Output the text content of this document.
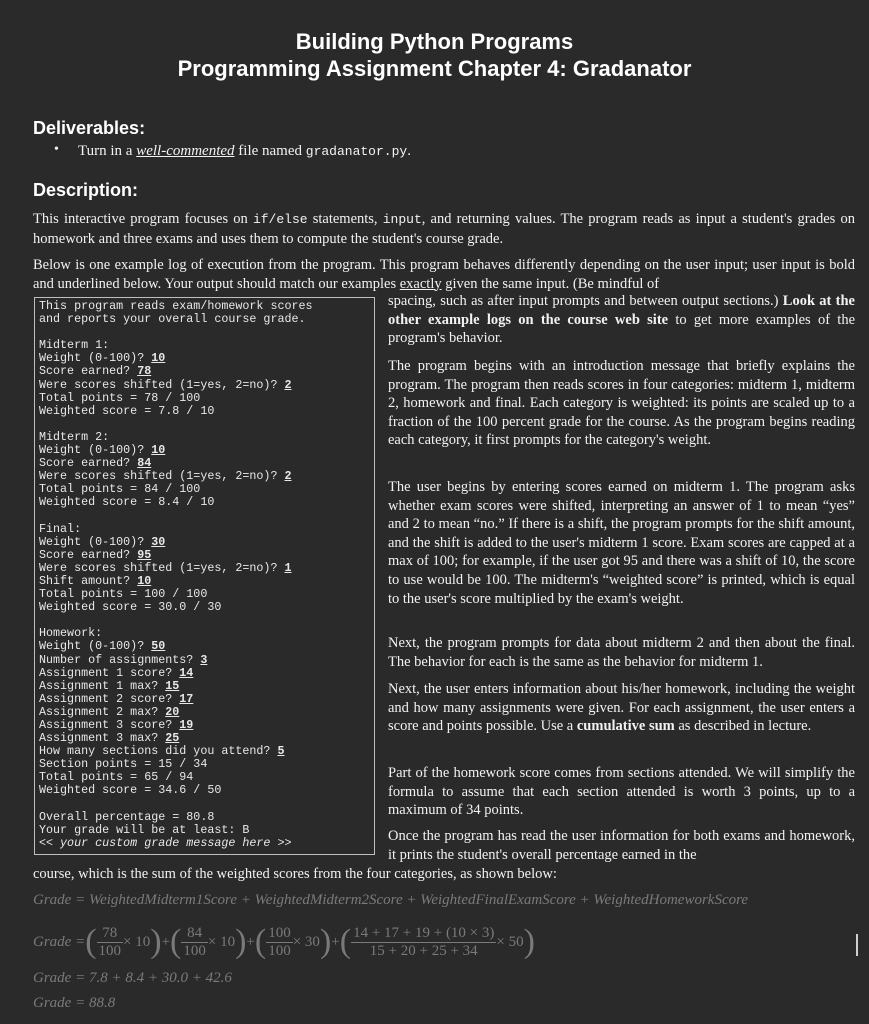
Building Python Programs
Programming Assignment Chapter 4: Gradanator
Deliverables:
• Turn in a well-commented file named gradanator.py.
Description:
This interactive program focuses on if/else statements, input, and returning values. The program reads as input a student's grades on homework and three exams and uses them to compute the student's course grade.
Below is one example log of execution from the program. This program behaves differently depending on the user input; user input is bold and underlined below. Your output should match our examples exactly given the same input. (Be mindful of
This program reads exam/homework scores
and reports your overall course grade.

Midterm 1:
Weight (0-100)? 10
Score earned? 78
Were scores shifted (1=yes, 2=no)? 2
Total points = 78 / 100
Weighted score = 7.8 / 10

Midterm 2:
Weight (0-100)? 10
Score earned? 84
Were scores shifted (1=yes, 2=no)? 2
Total points = 84 / 100
Weighted score = 8.4 / 10

Final:
Weight (0-100)? 30
Score earned? 95
Were scores shifted (1=yes, 2=no)? 1
Shift amount? 10
Total points = 100 / 100
Weighted score = 30.0 / 30

Homework:
Weight (0-100)? 50
Number of assignments? 3
Assignment 1 score? 14
Assignment 1 max? 15
Assignment 2 score? 17
Assignment 2 max? 20
Assignment 3 score? 19
Assignment 3 max? 25
How many sections did you attend? 5
Section points = 15 / 34
Total points = 65 / 94
Weighted score = 34.6 / 50

Overall percentage = 80.8
Your grade will be at least: B
<< your custom grade message here >>
spacing, such as after input prompts and between output sections.) Look at the other example logs on the course web site to get more examples of the program's behavior.
The program begins with an introduction message that briefly explains the program. The program then reads scores in four categories: midterm 1, midterm 2, homework and final. Each category is weighted: its points are scaled up to a fraction of the 100 percent grade for the course. As the program begins reading each category, it first prompts for the category's weight.
The user begins by entering scores earned on midterm 1. The program asks whether exam scores were shifted, interpreting an answer of 1 to mean “yes” and 2 to mean “no.” If there is a shift, the program prompts for the shift amount, and the shift is added to the user's midterm 1 score. Exam scores are capped at a max of 100; for example, if the user got 95 and there was a shift of 10, the score to use would be 100. The midterm's “weighted score” is printed, which is equal to the user's score multiplied by the exam's weight.
Next, the program prompts for data about midterm 2 and then about the final. The behavior for each is the same as the behavior for midterm 1.
Next, the user enters information about his/her homework, including the weight and how many assignments were given. For each assignment, the user enters a score and points possible. Use a cumulative sum as described in lecture.
Part of the homework score comes from sections attended. We will simplify the formula to assume that each section attended is worth 3 points, up to a maximum of 34 points.
Once the program has read the user information for both exams and homework, it prints the student's overall percentage earned in the
course, which is the sum of the weighted scores from the four categories, as shown below:
Grade = WeightedMidterm1Score + WeightedMidterm2Score + WeightedFinalExamScore + WeightedHomeworkScore
Grade = ( $\frac{78}{100} \times 10$ ) + ( $\frac{84}{100} \times 10$ ) + ( $\frac{100}{100} \times 30$ ) + ( $\frac{14 + 17 + 19 + (10 \times 3)}{15 + 20 + 25 + 34} \times 50$ )
Grade = 7.8 + 8.4 + 30.0 + 42.6
Grade = 88.8
